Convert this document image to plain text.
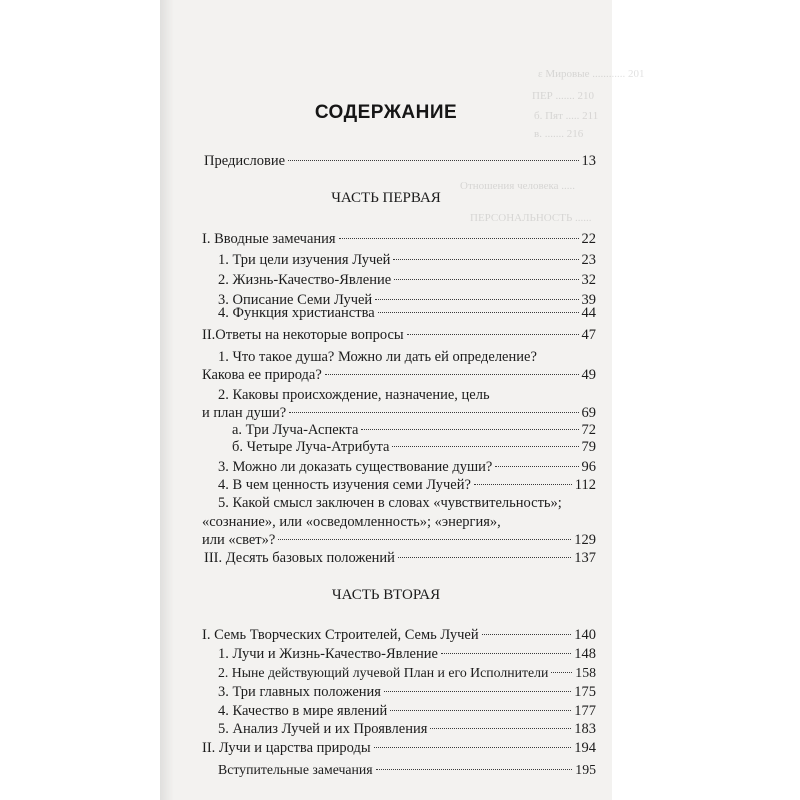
ε Мировые ............ 201
ПЕР ....... 210
б. Пят ..... 211
в. ....... 216
Отношения человека .....
ПЕРСОНАЛЬНОСТЬ ......
СОДЕРЖАНИЕ
Предисловие	13
ЧАСТЬ ПЕРВАЯ
I. Вводные замечания	22
1. Три цели изучения Лучей	23
2. Жизнь-Качество-Явление	32
3. Описание Семи Лучей	39
4. Функция христианства	44
II.Ответы на некоторые вопросы	47
1. Что такое душа? Можно ли дать ей определение?
Какова ее природа?	49
2. Каковы происхождение, назначение, цель
и план души?	69
а. Три Луча-Аспекта	72
б. Четыре Луча-Атрибута	79
3. Можно ли доказать существование души?	96
4. В чем ценность изучения семи Лучей?	112
5. Какой смысл заключен в словах «чувствительность»;
«сознание», или «осведомленность»; «энергия»,
или «свет»?	129
III. Десять базовых положений	137
ЧАСТЬ ВТОРАЯ
I. Семь Творческих Строителей, Семь Лучей	140
1. Лучи и Жизнь-Качество-Явление	148
2. Ныне действующий лучевой План и его Исполнители 158
3. Три главных положения	175
4. Качество в мире явлений	177
5. Анализ Лучей и их Проявления	183
II. Лучи и царства природы	194
Вступительные замечания	195
